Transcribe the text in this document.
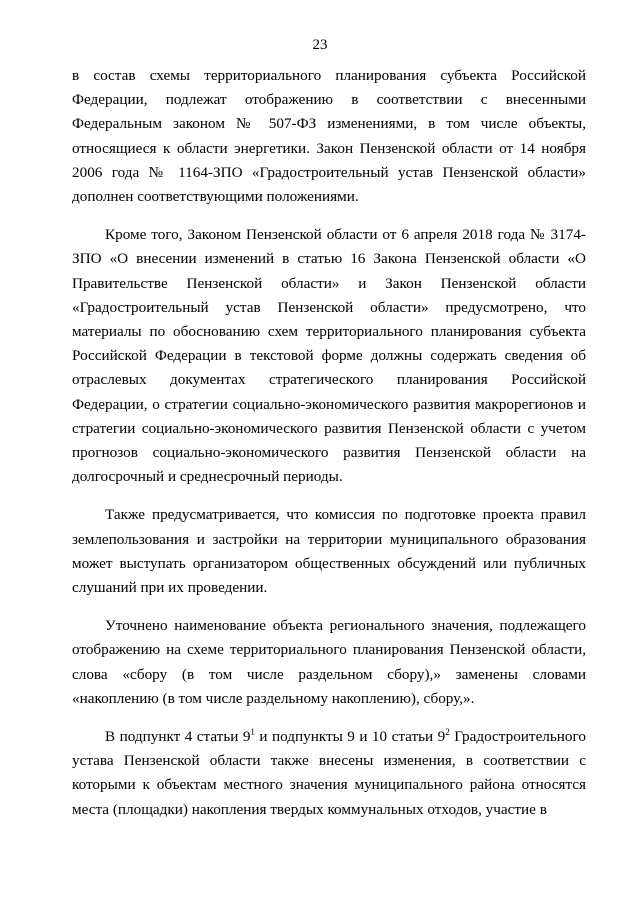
23

в состав схемы территориального планирования субъекта Российской Федерации, подлежат отображению в соответствии с внесенными Федеральным законом № 507-ФЗ изменениями, в том числе объекты, относящиеся к области энергетики. Закон Пензенской области от 14 ноября 2006 года № 1164-ЗПО «Градостроительный устав Пензенской области» дополнен соответствующими положениями.

Кроме того, Законом Пензенской области от 6 апреля 2018 года № 3174-ЗПО «О внесении изменений в статью 16 Закона Пензенской области «О Правительстве Пензенской области» и Закон Пензенской области «Градостроительный устав Пензенской области» предусмотрено, что материалы по обоснованию схем территориального планирования субъекта Российской Федерации в текстовой форме должны содержать сведения об отраслевых документах стратегического планирования Российской Федерации, о стратегии социально-экономического развития макрорегионов и стратегии социально-экономического развития Пензенской области с учетом прогнозов социально-экономического развития Пензенской области на долгосрочный и среднесрочный периоды.

Также предусматривается, что комиссия по подготовке проекта правил землепользования и застройки на территории муниципального образования может выступать организатором общественных обсуждений или публичных слушаний при их проведении.

Уточнено наименование объекта регионального значения, подлежащего отображению на схеме территориального планирования Пензенской области, слова «сбору (в том числе раздельном сбору),» заменены словами «накоплению (в том числе раздельному накоплению), сбору,».

В подпункт 4 статьи $9^1$ и подпункты 9 и 10 статьи $9^2$ Градостроительного устава Пензенской области также внесены изменения, в соответствии с которыми к объектам местного значения муниципального района относятся места (площадки) накопления твердых коммунальных отходов, участие в
